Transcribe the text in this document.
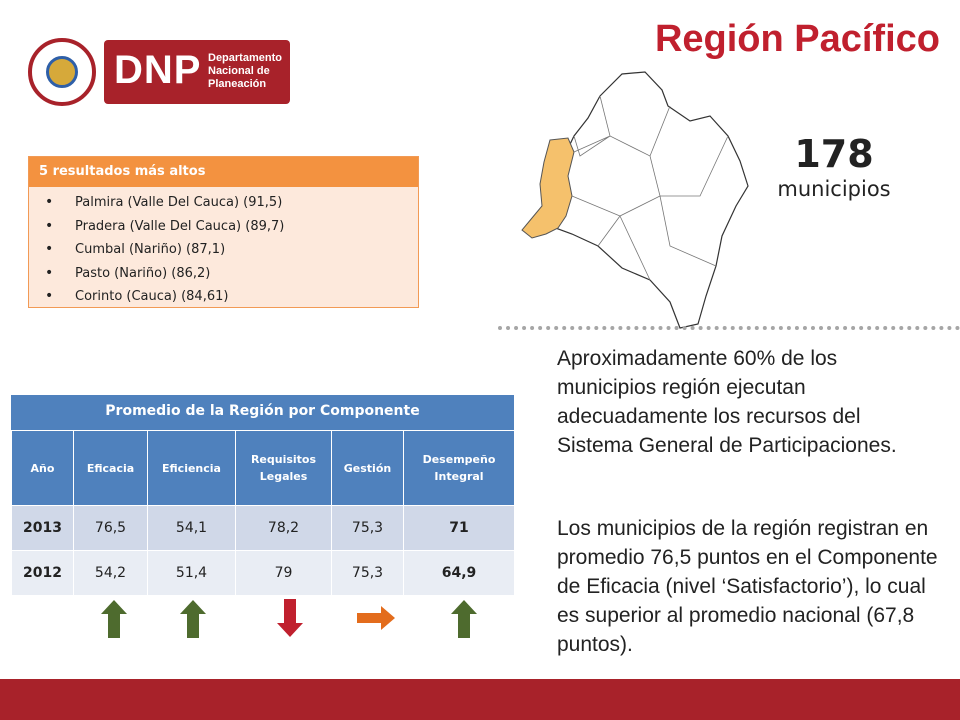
Región Pacífico
DNP Departamento Nacional de Planeación
5 resultados más altos
• Palmira (Valle Del Cauca) (91,5)
• Pradera (Valle Del Cauca) (89,7)
• Cumbal (Nariño) (87,1)
• Pasto (Nariño) (86,2)
• Corinto (Cauca) (84,61)
178
municipios
Aproximadamente 60% de los municipios región ejecutan adecuadamente los recursos del Sistema General de Participaciones.
Los municipios de la región registran en promedio 76,5 puntos en el Componente de Eficacia (nivel ‘Satisfactorio’), lo cual es superior al promedio nacional (67,8 puntos).
Promedio de la Región por Componente
Año	Eficacia	Eficiencia	Requisitos Legales	Gestión	Desempeño Integral
2013	76,5	54,1	78,2	75,3	71
2012	54,2	51,4	79	75,3	64,9
